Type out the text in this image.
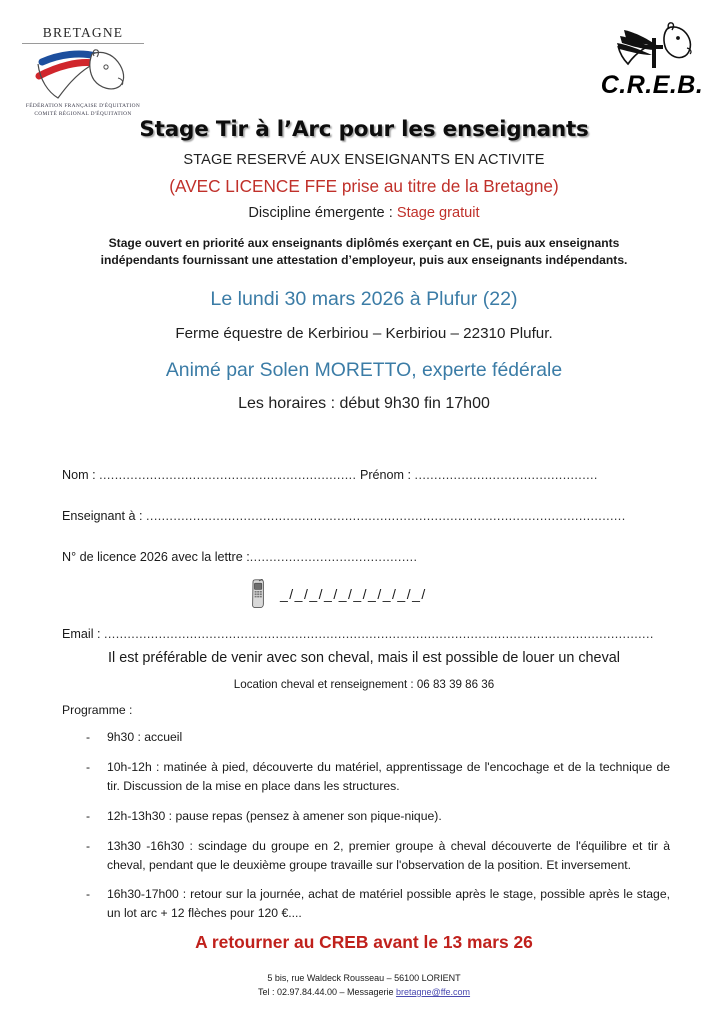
BRETAGNE
FÉDÉRATION FRANÇAISE D'ÉQUITATION
COMITÉ RÉGIONAL D'ÉQUITATION
C.R.E.B.
Stage Tir à l’Arc pour les enseignants
STAGE RESERVÉ AUX ENSEIGNANTS EN ACTIVITE
(AVEC LICENCE FFE prise au titre de la Bretagne)
Discipline émergente : Stage gratuit
Stage ouvert en priorité aux enseignants diplômés exerçant en CE, puis aux enseignants indépendants fournissant une attestation d’employeur, puis aux enseignants indépendants.
Le lundi 30 mars 2026 à Plufur (22)
Ferme équestre de Kerbiriou – Kerbiriou – 22310 Plufur.
Animé par Solen MORETTO, experte fédérale
Les horaires : début 9h30 fin 17h00
Nom : .................................................................. Prénom : ...............................................
Enseignant à : ...........................................................................................................................
N° de licence 2026 avec la lettre :...........................................
_/_/_/_/_/_/_/_/_/_/
Email : .............................................................................................................................................
Il est préférable de venir avec son cheval, mais il est possible de louer un cheval
Location cheval et renseignement : 06 83 39 86 36
Programme :
- 9h30 : accueil
- 10h-12h : matinée à pied, découverte du matériel, apprentissage de l'encochage et de la technique de tir. Discussion de la mise en place dans les structures.
- 12h-13h30 : pause repas (pensez à amener son pique-nique).
- 13h30 -16h30 : scindage du groupe en 2, premier groupe à cheval découverte de l'équilibre et tir à cheval, pendant que le deuxième groupe travaille sur l'observation de la position. Et inversement.
- 16h30-17h00 : retour sur la journée, achat de matériel possible après le stage, possible après le stage, un lot arc + 12 flèches pour 120 €....
A retourner au CREB avant le 13 mars 26
5 bis, rue Waldeck Rousseau – 56100 LORIENT
Tel : 02.97.84.44.00 – Messagerie bretagne@ffe.com
